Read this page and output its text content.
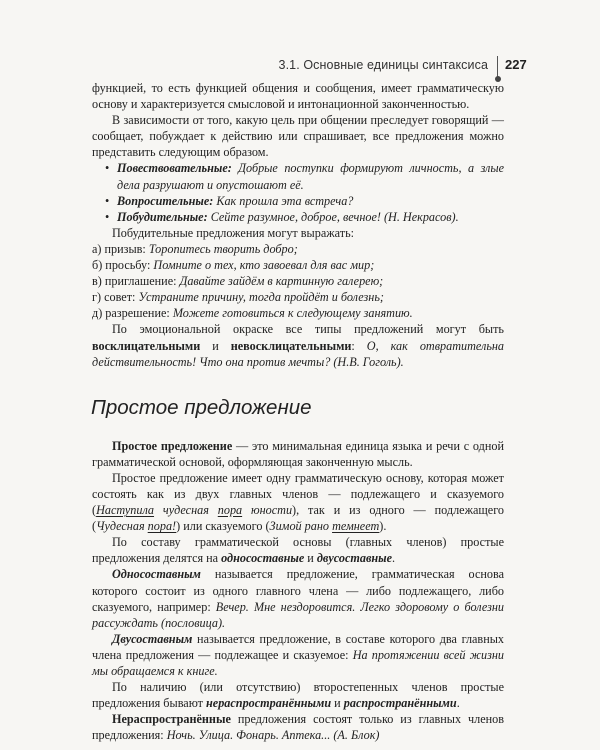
3.1. Основные единицы синтаксиса 227

функцией, то есть функцией общения и сообщения, имеет грамматическую основу и характеризуется смысловой и интонационной законченностью.

В зависимости от того, какую цель при общении преследует говорящий — сообщает, побуждает к действию или спрашивает, все предложения можно представить следующим образом.

• Повествовательные: Добрые поступки формируют личность, а злые дела разрушают и опустошают её.
• Вопросительные: Как прошла эта встреча?
• Побудительные: Сейте разумное, доброе, вечное! (Н. Некрасов).

Побудительные предложения могут выражать:

а) призыв: Торопитесь творить добро;

б) просьбу: Помните о тех, кто завоевал для вас мир;

в) приглашение: Давайте зайдём в картинную галерею;

г) совет: Устраните причину, тогда пройдёт и болезнь;

д) разрешение: Можете готовиться к следующему занятию.

По эмоциональной окраске все типы предложений могут быть восклицательными и невосклицательными: О, как отвратительна действительность! Что она против мечты? (Н.В. Гоголь).

Простое предложение

Простое предложение — это минимальная единица языка и речи с одной грамматической основой, оформляющая законченную мысль.

Простое предложение имеет одну грамматическую основу, которая может состоять как из двух главных членов — подлежащего и сказуемого (Наступила чудесная пора юности), так и из одного — подлежащего (Чудесная пора!) или сказуемого (Зимой рано темнеет).

По составу грамматической основы (главных членов) простые предложения делятся на односоставные и двусоставные.

Односоставным называется предложение, грамматическая основа которого состоит из одного главного члена — либо подлежащего, либо сказуемого, например: Вечер. Мне нездоровится. Легко здоровому о болезни рассуждать (пословица).

Двусоставным называется предложение, в составе которого два главных члена предложения — подлежащее и сказуемое: На протяжении всей жизни мы обращаемся к книге.

По наличию (или отсутствию) второстепенных членов простые предложения бывают нераспространёнными и распространёнными.

Нераспространённые предложения состоят только из главных членов предложения: Ночь. Улица. Фонарь. Аптека... (А. Блок)
